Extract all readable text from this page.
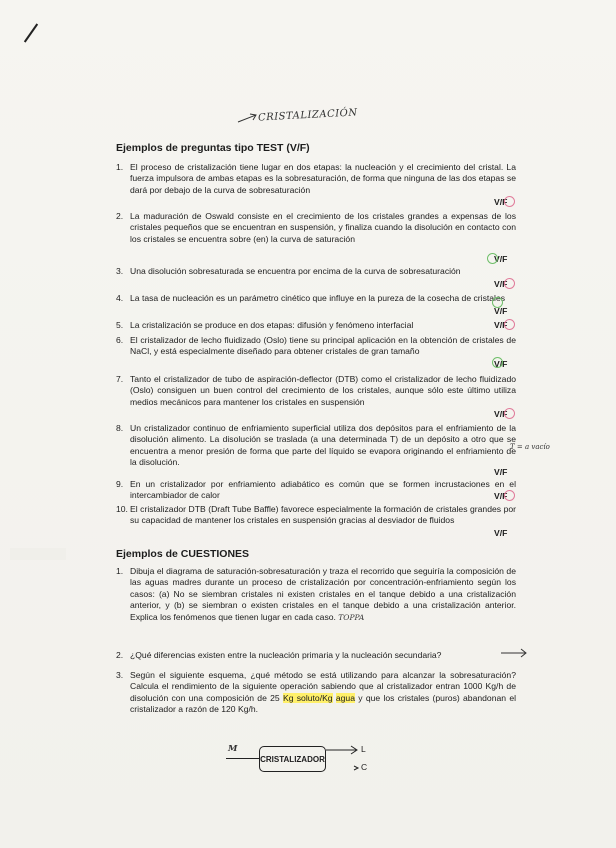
CRISTALIZACIÓN
Ejemplos de preguntas tipo TEST (V/F)
1. El proceso de cristalización tiene lugar en dos etapas: la nucleación y el crecimiento del cristal. La fuerza impulsora de ambas etapas es la sobresaturación, de forma que ninguna de las dos etapas se dará por debajo de la curva de sobresaturación
V/F
2. La maduración de Oswald consiste en el crecimiento de los cristales grandes a expensas de los cristales pequeños que se encuentran en suspensión, y finaliza cuando la disolución en contacto con los cristales se encuentra sobre (en) la curva de saturación
V/F
3. Una disolución sobresaturada se encuentra por encima de la curva de sobresaturación
V/F
4. La tasa de nucleación es un parámetro cinético que influye en la pureza de la cosecha de cristales
V/F
5. La cristalización se produce en dos etapas: difusión y fenómeno interfacial	V/F
6. El cristalizador de lecho fluidizado (Oslo) tiene su principal aplicación en la obtención de cristales de NaCl, y está especialmente diseñado para obtener cristales de gran tamaño
V/F
7. Tanto el cristalizador de tubo de aspiración-deflector (DTB) como el cristalizador de lecho fluidizado (Oslo) consiguen un buen control del crecimiento de los cristales, aunque sólo este último utiliza medios mecánicos para mantener los cristales en suspensión
V/F
8. Un cristalizador continuo de enfriamiento superficial utiliza dos depósitos para el enfriamiento de la disolución alimento. La disolución se traslada (a una determinada T) de un depósito a otro que se encuentra a menor presión de forma que parte del líquido se evapora originando el enfriamiento de la disolución.
T = a vacío
V/F
9. En un cristalizador por enfriamiento adiabático es común que se formen incrustaciones en el intercambiador de calor	V/F
10. El cristalizador DTB (Draft Tube Baffle) favorece especialmente la formación de cristales grandes por su capacidad de mantener los cristales en suspensión gracias al desviador de fluidos
V/F
Ejemplos de CUESTIONES
1. Dibuja el diagrama de saturación-sobresaturación y traza el recorrido que seguiría la composición de las aguas madres durante un proceso de cristalización por concentración-enfriamiento según los casos: (a) No se siembran cristales ni existen cristales en el tanque debido a una cristalización anterior, y (b) se siembran o existen cristales en el tanque debido a una cristalización anterior. Explica los fenómenos que tienen lugar en cada caso. TOPPA
2. ¿Qué diferencias existen entre la nucleación primaria y la nucleación secundaria?
3. Según el siguiente esquema, ¿qué método se está utilizando para alcanzar la sobresaturación? Calcula el rendimiento de la siguiente operación sabiendo que al cristalizador entran 1000 Kg/h de disolución con una composición de 25 Kg soluto/Kg agua y que los cristales (puros) abandonan el cristalizador a razón de 120 Kg/h.
M
CRISTALIZADOR
L
C
